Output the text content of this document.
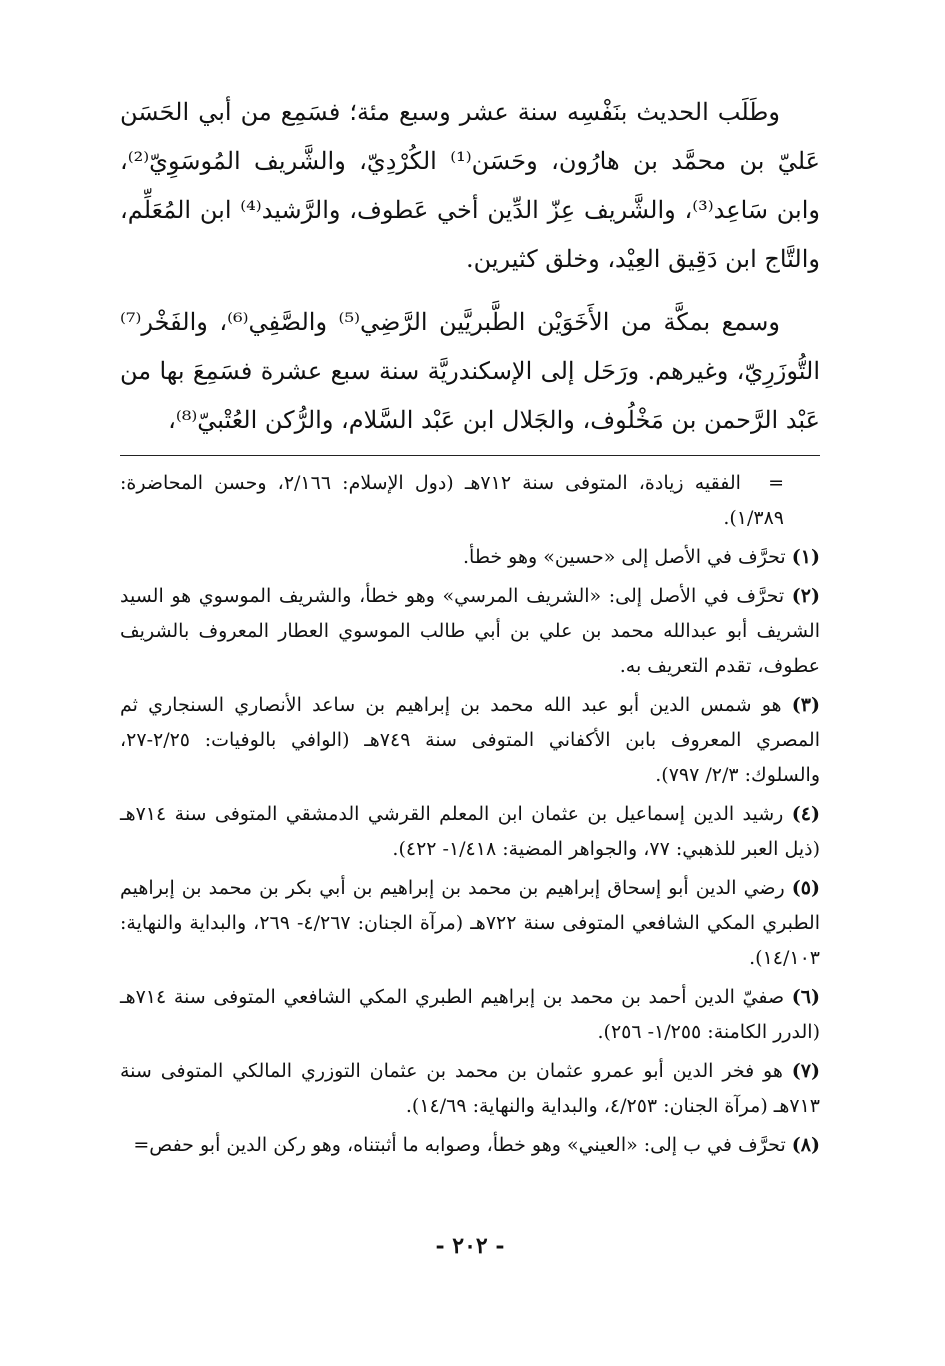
وطَلَب الحديث بنَفْسِه سنة عشر وسبع مئة؛ فسَمِع من أبي الحَسَن عَليّ بن محمَّد بن هارُون، وحَسَن⁽¹⁾ الكُرْدِيّ، والشَّريف المُوسَوِيّ⁽²⁾، وابن سَاعِد⁽³⁾، والشَّريف عِزّ الدِّين أخي عَطوف، والرَّشيد⁽⁴⁾ ابن المُعَلِّم، والتَّاج ابن دَقِيق العِيْد، وخلق كثيرين.

وسمع بمكَّة من الأَخَوَيْن الطَّبريَّين الرَّضِي⁽⁵⁾ والصَّفِي⁽⁶⁾، والفَخْر⁽⁷⁾ التُّوزَرِيّ، وغيرهم. ورَحَل إلى الإسكندريَّة سنة سبع عشرة فسَمِعَ بها من عَبْد الرَّحمن بن مَخْلُوف، والجَلال ابن عَبْد السَّلام، والرُّكن العُتْبيّ⁽⁸⁾،

= الفقيه زيادة، المتوفى سنة ٧١٢هـ (دول الإسلام: ٢/١٦٦، وحسن المحاضرة: ١/٣٨٩).
(١) تحرَّف في الأصل إلى «حسين» وهو خطأ.
(٢) تحرَّف في الأصل إلى: «الشريف المرسي» وهو خطأ، والشريف الموسوي هو السيد الشريف أبو عبدالله محمد بن علي بن أبي طالب الموسوي العطار المعروف بالشريف عطوف، تقدم التعريف به.
(٣) هو شمس الدين أبو عبد الله محمد بن إبراهيم بن ساعد الأنصاري السنجاري ثم المصري المعروف بابن الأكفاني المتوفى سنة ٧٤٩هـ (الوافي بالوفيات: ٢/٢٥-٢٧، والسلوك: ٢/٣/ ٧٩٧).
(٤) رشيد الدين إسماعيل بن عثمان ابن المعلم القرشي الدمشقي المتوفى سنة ٧١٤هـ (ذيل العبر للذهبي: ٧٧، والجواهر المضية: ١/٤١٨- ٤٢٢).
(٥) رضي الدين أبو إسحاق إبراهيم بن محمد بن إبراهيم بن أبي بكر بن محمد بن إبراهيم الطبري المكي الشافعي المتوفى سنة ٧٢٢هـ (مرآة الجنان: ٤/٢٦٧- ٢٦٩، والبداية والنهاية: ١٤/١٠٣).
(٦) صفيّ الدين أحمد بن محمد بن إبراهيم الطبري المكي الشافعي المتوفى سنة ٧١٤هـ (الدرر الكامنة: ١/٢٥٥- ٢٥٦).
(٧) هو فخر الدين أبو عمرو عثمان بن محمد بن عثمان التوزري المالكي المتوفى سنة ٧١٣هـ (مرآة الجنان: ٤/٢٥٣، والبداية والنهاية: ١٤/٦٩).
(٨) تحرَّف في ب إلى: «العيني» وهو خطأ، وصوابه ما أثبتناه، وهو ركن الدين أبو حفص=
- ٢٠٢ -
